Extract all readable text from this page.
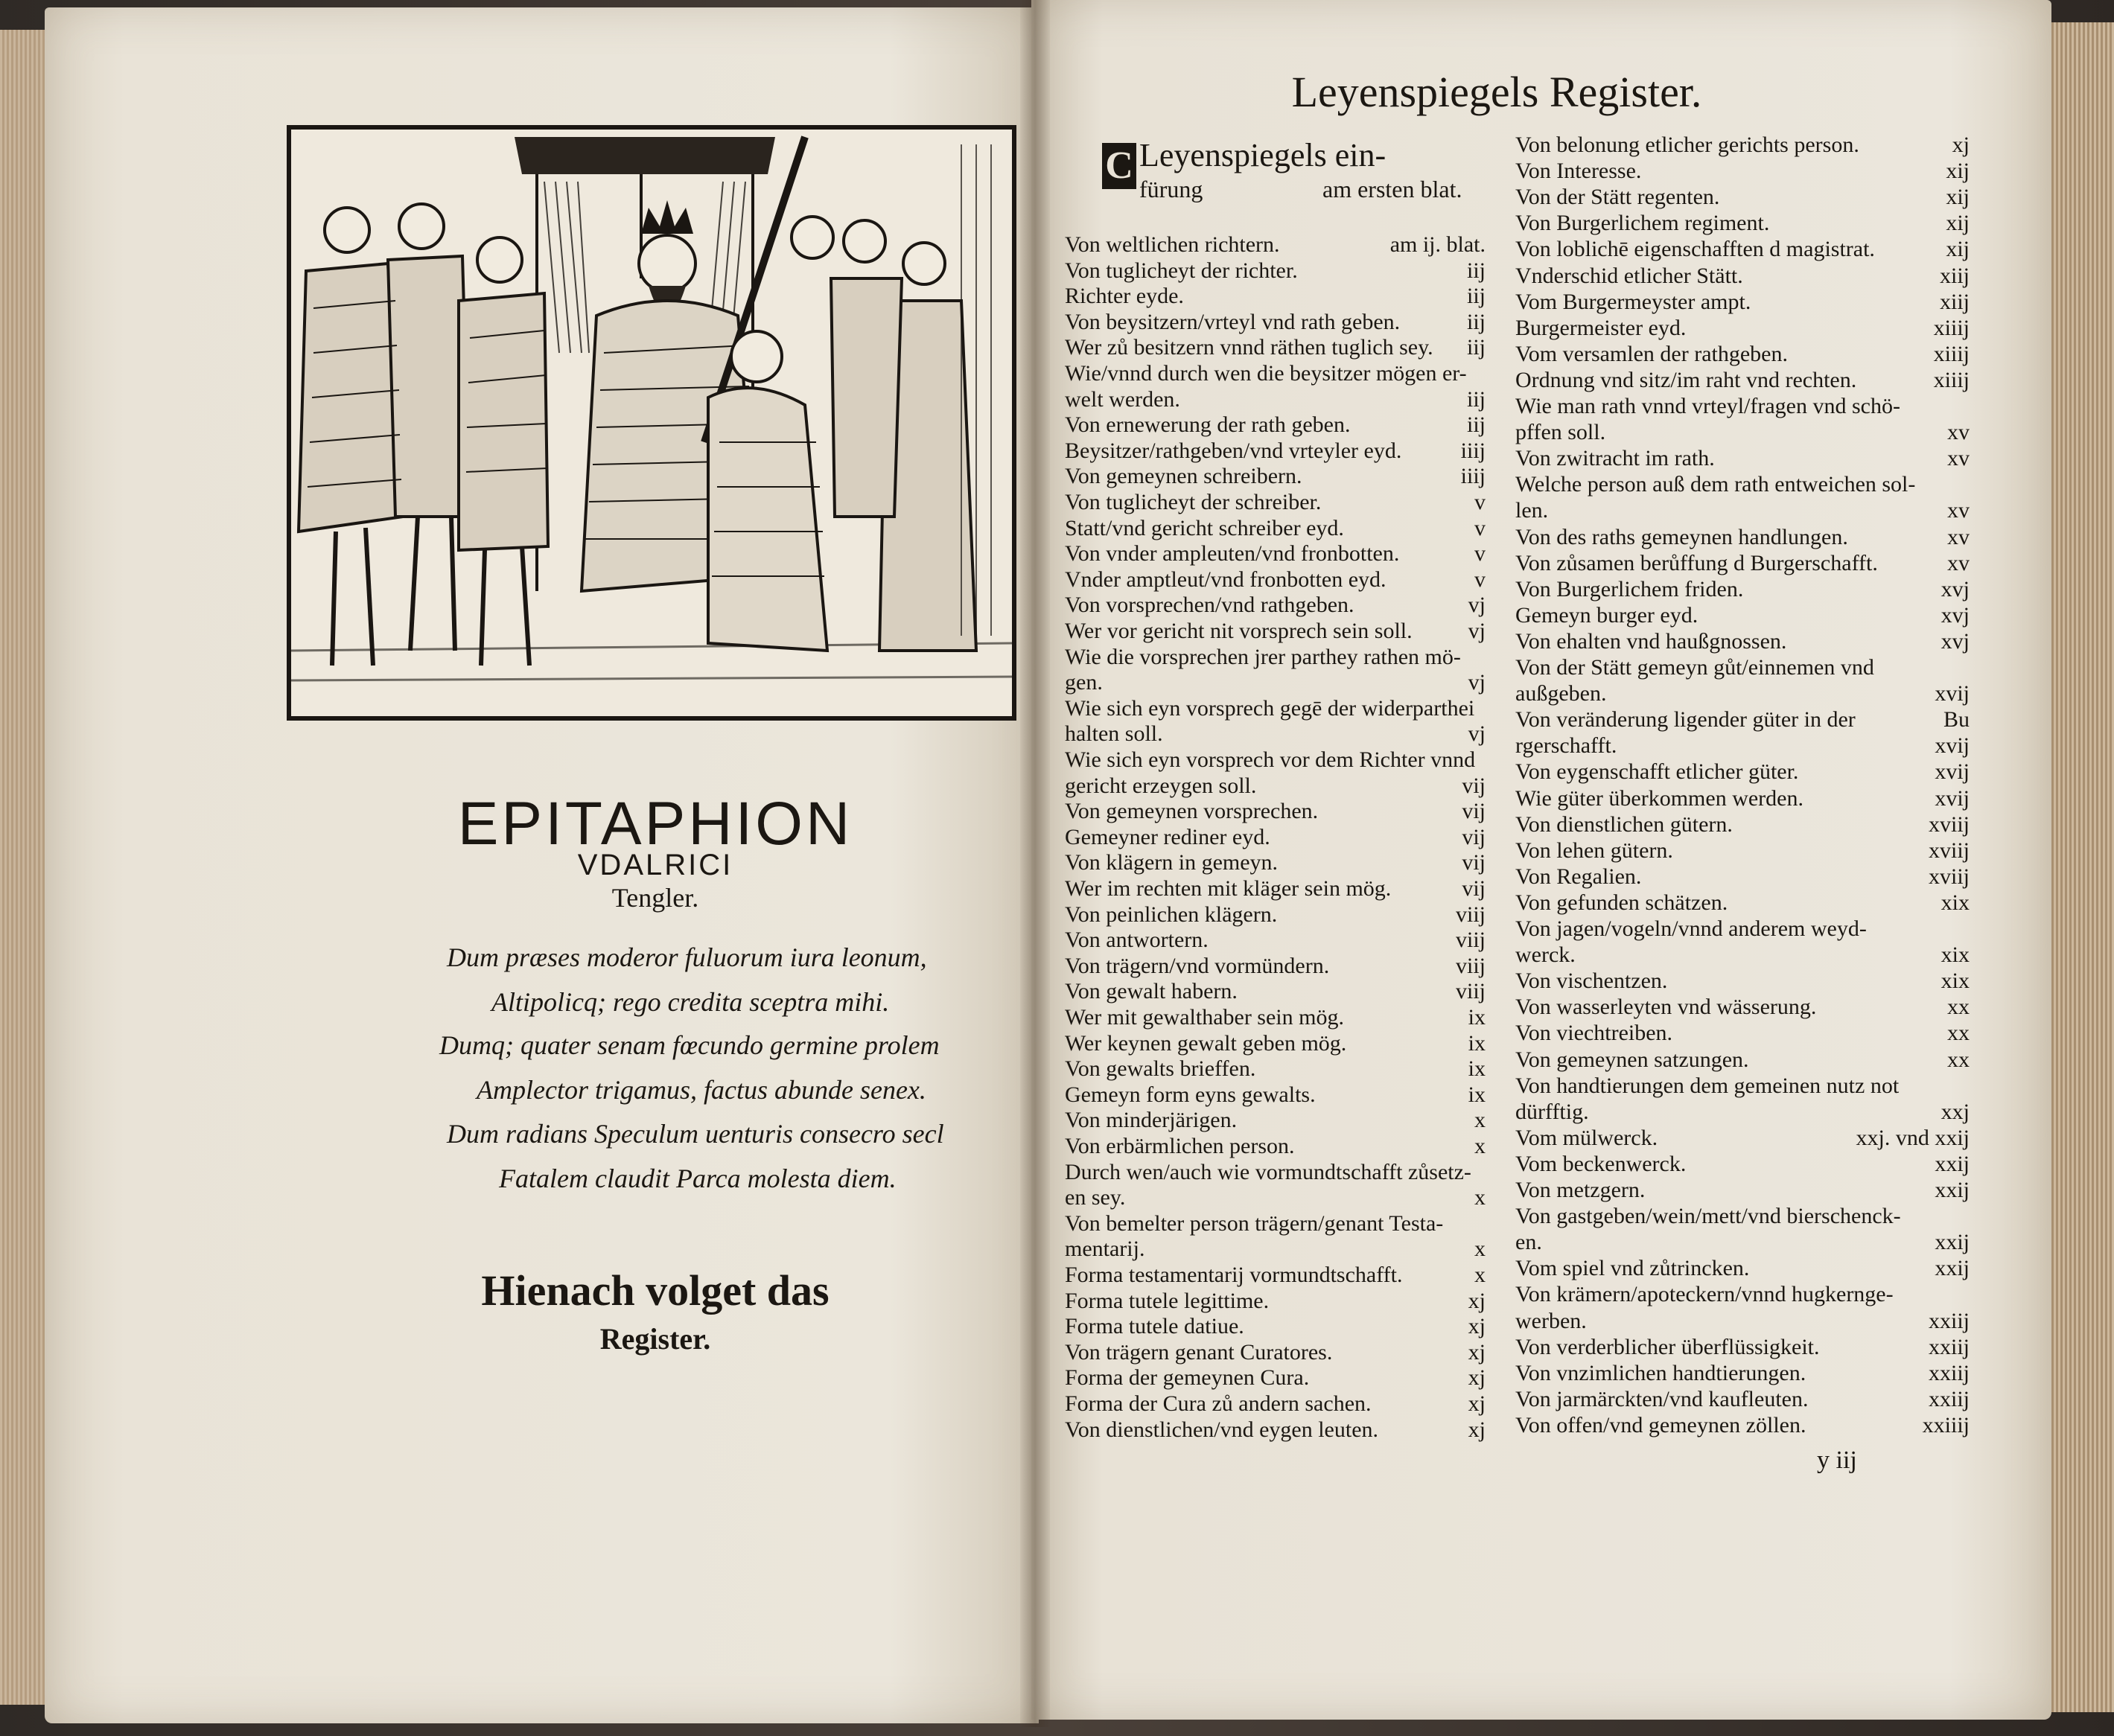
EPITAPHION
VDALRICI
Tengler.
Dum præses moderor fuluorum iura leonum,
Altipolicq; rego credita sceptra mihi.
Dumq; quater senam fœcundo germine prolem
Amplector trigamus, factus abunde senex.
Dum radians Speculum uenturis consecro secl
Fatalem claudit Parca molesta diem.
Hienach volget das
Register.
Leyenspiegels Register.
C Leyenspiegels ein-
fürung	am ersten blat.
Von weltlichen richtern.	am ij. blat.
Von tuglicheyt der richter.	iij
Richter eyde.	iij
Von beysitzern/vrteyl vnd rath geben.	iij
Wer zů besitzern vnnd räthen tuglich sey. iij
Wie/vnnd durch wen die beysitzer mögen er-
welt werden.	iij
Von ernewerung der rath geben.	iij
Beysitzer/rathgeben/vnd vrteyler eyd.	iiij
Von gemeynen schreibern.	iiij
Von tuglicheyt der schreiber.	v
Statt/vnd gericht schreiber eyd.	v
Von vnder ampleuten/vnd fronbotten.	v
Vnder amptleut/vnd fronbotten eyd.	v
Von vorsprechen/vnd rathgeben.	vj
Wer vor gericht nit vorsprech sein soll.	vj
Wie die vorsprechen jrer parthey rathen mö-
gen.	vj
Wie sich eyn vorsprech gegē der widerparthei
halten soll.	vj
Wie sich eyn vorsprech vor dem Richter vnnd
gericht erzeygen soll.	vij
Von gemeynen vorsprechen.	vij
Gemeyner rediner eyd.	vij
Von klägern in gemeyn.	vij
Wer im rechten mit kläger sein mög.	vij
Von peinlichen klägern.	viij
Von antwortern.	viij
Von trägern/vnd vormündern.	viij
Von gewalt habern.	viij
Wer mit gewalthaber sein mög.	ix
Wer keynen gewalt geben mög.	ix
Von gewalts brieffen.	ix
Gemeyn form eyns gewalts.	ix
Von minderjärigen.	x
Von erbärmlichen person.	x
Durch wen/auch wie vormundtschafft zůsetz-
en sey.	x
Von bemelter person trägern/genant Testa-
mentarij.	x
Forma testamentarij vormundtschafft.	x
Forma tutele legittime.	xj
Forma tutele datiue.	xj
Von trägern genant Curatores.	xj
Forma der gemeynen Cura.	xj
Forma der Cura zů andern sachen.	xj
Von dienstlichen/vnd eygen leuten.	xj
Von belonung etlicher gerichts person.	xj
Von Interesse.	xij
Von der Stätt regenten.	xij
Von Burgerlichem regiment.	xij
Von loblichē eigenschafften d magistrat.	xij
Vnderschid etlicher Stätt.	xiij
Vom Burgermeyster ampt.	xiij
Burgermeister eyd.	xiiij
Vom versamlen der rathgeben.	xiiij
Ordnung vnd sitz/im raht vnd rechten.	xiiij
Wie man rath vnnd vrteyl/fragen vnd schö-
pffen soll.	xv
Von zwitracht im rath.	xv
Welche person auß dem rath entweichen sol-
len.	xv
Von des raths gemeynen handlungen.	xv
Von zůsamen berůffung d Burgerschafft.	xv
Von Burgerlichem friden.	xvj
Gemeyn burger eyd.	xvj
Von ehalten vnd haußgnossen.	xvj
Von der Stätt gemeyn gůt/einnemen vnd
außgeben.	xvij
Von veränderung ligender güter in der	Bu
rgerschafft.	xvij
Von eygenschafft etlicher güter.	xvij
Wie güter überkommen werden.	xvij
Von dienstlichen gütern.	xviij
Von lehen gütern.	xviij
Von Regalien.	xviij
Von gefunden schätzen.	xix
Von jagen/vogeln/vnnd anderem weyd-
werck.	xix
Von vischentzen.	xix
Von wasserleyten vnd wässerung.	xx
Von viechtreiben.	xx
Von gemeynen satzungen.	xx
Von handtierungen dem gemeinen nutz not
dürfftig.	xxj
Vom mülwerck.	xxj. vnd xxij
Vom beckenwerck.	xxij
Von metzgern.	xxij
Von gastgeben/wein/mett/vnd bierschenck-
en.	xxij
Vom spiel vnd zůtrincken.	xxij
Von krämern/apoteckern/vnnd hugkernge-
werben.	xxiij
Von verderblicher überflüssigkeit.	xxiij
Von vnzimlichen handtierungen.	xxiij
Von jarmärckten/vnd kaufleuten.	xxiij
Von offen/vnd gemeynen zöllen.	xxiiij
y iij
